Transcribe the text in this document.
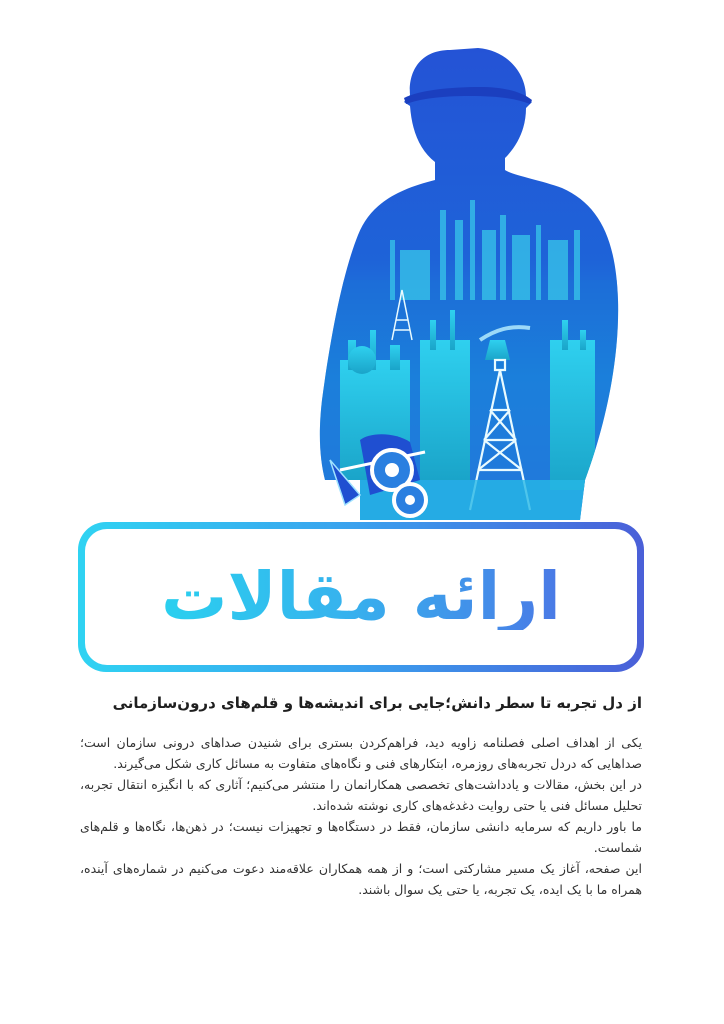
ارائه مقالات

از دل تجربه تا سطر دانش؛جایی برای اندیشه‌ها و قلم‌های درون‌سازمانی

یکی از اهداف اصلی فصلنامه زاویه دید، فراهم‌کردن بستری برای شنیدن صداهای درونی سازمان است؛ صداهایی که دردل تجربه‌های روزمره، ابتکارهای فنی و نگاه‌های متفاوت به مسائل کاری شکل می‌گیرند.

در این بخش، مقالات و یادداشت‌های تخصصی همکارانمان را منتشر می‌کنیم؛ آثاری که با انگیزه انتقال تجربه، تحلیل مسائل فنی یا حتی روایت دغدغه‌های کاری نوشته شده‌اند.

ما باور داریم که سرمایه دانشی سازمان، فقط در دستگاه‌ها و تجهیزات نیست؛ در ذهن‌ها، نگاه‌ها و قلم‌های شماست.

این صفحه، آغاز یک مسیر مشارکتی است؛ و از همه همکاران علاقه‌مند دعوت می‌کنیم در شماره‌های آینده، همراه ما با یک ایده، یک تجربه، یا حتی یک سوال باشند.
